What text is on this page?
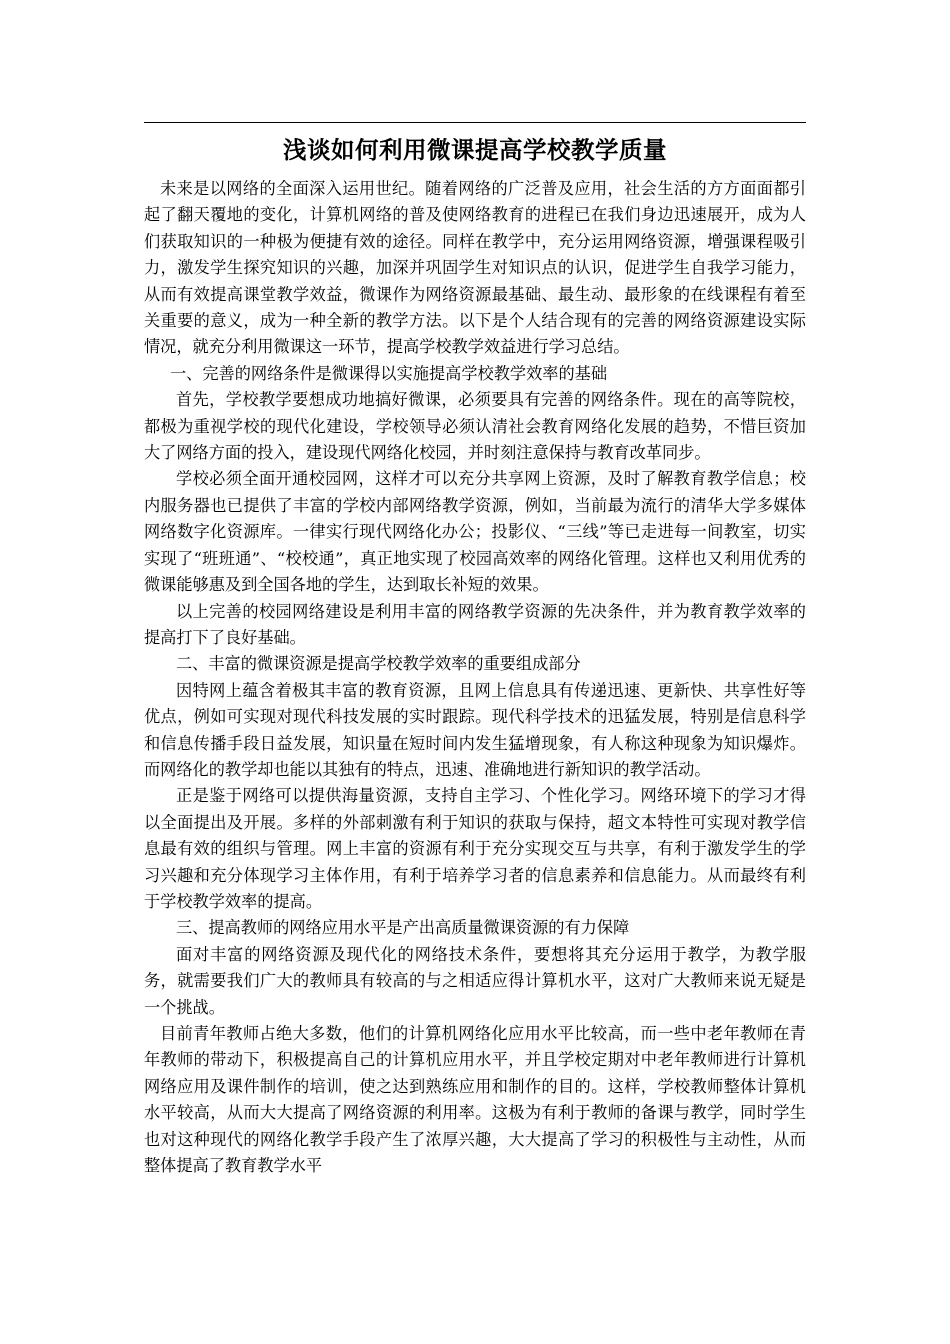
浅谈如何利用微课提高学校教学质量

未来是以网络的全面深入运用世纪。随着网络的广泛普及应用，社会生活的方方面面都引起了翻天覆地的变化，计算机网络的普及使网络教育的进程已在我们身边迅速展开，成为人们获取知识的一种极为便捷有效的途径。同样在教学中，充分运用网络资源，增强课程吸引力，激发学生探究知识的兴趣，加深并巩固学生对知识点的认识，促进学生自我学习能力，从而有效提高课堂教学效益，微课作为网络资源最基础、最生动、最形象的在线课程有着至关重要的意义，成为一种全新的教学方法。以下是个人结合现有的完善的网络资源建设实际情况，就充分利用微课这一环节，提高学校教学效益进行学习总结。

一、完善的网络条件是微课得以实施提高学校教学效率的基础

首先，学校教学要想成功地搞好微课，必须要具有完善的网络条件。现在的高等院校，都极为重视学校的现代化建设，学校领导必须认清社会教育网络化发展的趋势，不惜巨资加大了网络方面的投入，建设现代网络化校园，并时刻注意保持与教育改革同步。

学校必须全面开通校园网，这样才可以充分共享网上资源，及时了解教育教学信息；校内服务器也已提供了丰富的学校内部网络教学资源，例如，当前最为流行的清华大学多媒体网络数字化资源库。一律实行现代网络化办公；投影仪、“三线”等已走进每一间教室，切实实现了“班班通”、“校校通”，真正地实现了校园高效率的网络化管理。这样也又利用优秀的微课能够惠及到全国各地的学生，达到取长补短的效果。

以上完善的校园网络建设是利用丰富的网络教学资源的先决条件，并为教育教学效率的提高打下了良好基础。

二、丰富的微课资源是提高学校教学效率的重要组成部分

因特网上蕴含着极其丰富的教育资源，且网上信息具有传递迅速、更新快、共享性好等优点，例如可实现对现代科技发展的实时跟踪。现代科学技术的迅猛发展，特别是信息科学和信息传播手段日益发展，知识量在短时间内发生猛增现象，有人称这种现象为知识爆炸。而网络化的教学却也能以其独有的特点，迅速、准确地进行新知识的教学活动。

正是鉴于网络可以提供海量资源，支持自主学习、个性化学习。网络环境下的学习才得以全面提出及开展。多样的外部刺激有利于知识的获取与保持，超文本特性可实现对教学信息最有效的组织与管理。网上丰富的资源有利于充分实现交互与共享，有利于激发学生的学习兴趣和充分体现学习主体作用，有利于培养学习者的信息素养和信息能力。从而最终有利于学校教学效率的提高。

三、提高教师的网络应用水平是产出高质量微课资源的有力保障

面对丰富的网络资源及现代化的网络技术条件，要想将其充分运用于教学，为教学服务，就需要我们广大的教师具有较高的与之相适应得计算机水平，这对广大教师来说无疑是一个挑战。

目前青年教师占绝大多数，他们的计算机网络化应用水平比较高，而一些中老年教师在青年教师的带动下，积极提高自己的计算机应用水平，并且学校定期对中老年教师进行计算机网络应用及课件制作的培训，使之达到熟练应用和制作的目的。这样，学校教师整体计算机水平较高，从而大大提高了网络资源的利用率。这极为有利于教师的备课与教学，同时学生也对这种现代的网络化教学手段产生了浓厚兴趣，大大提高了学习的积极性与主动性，从而整体提高了教育教学水平
